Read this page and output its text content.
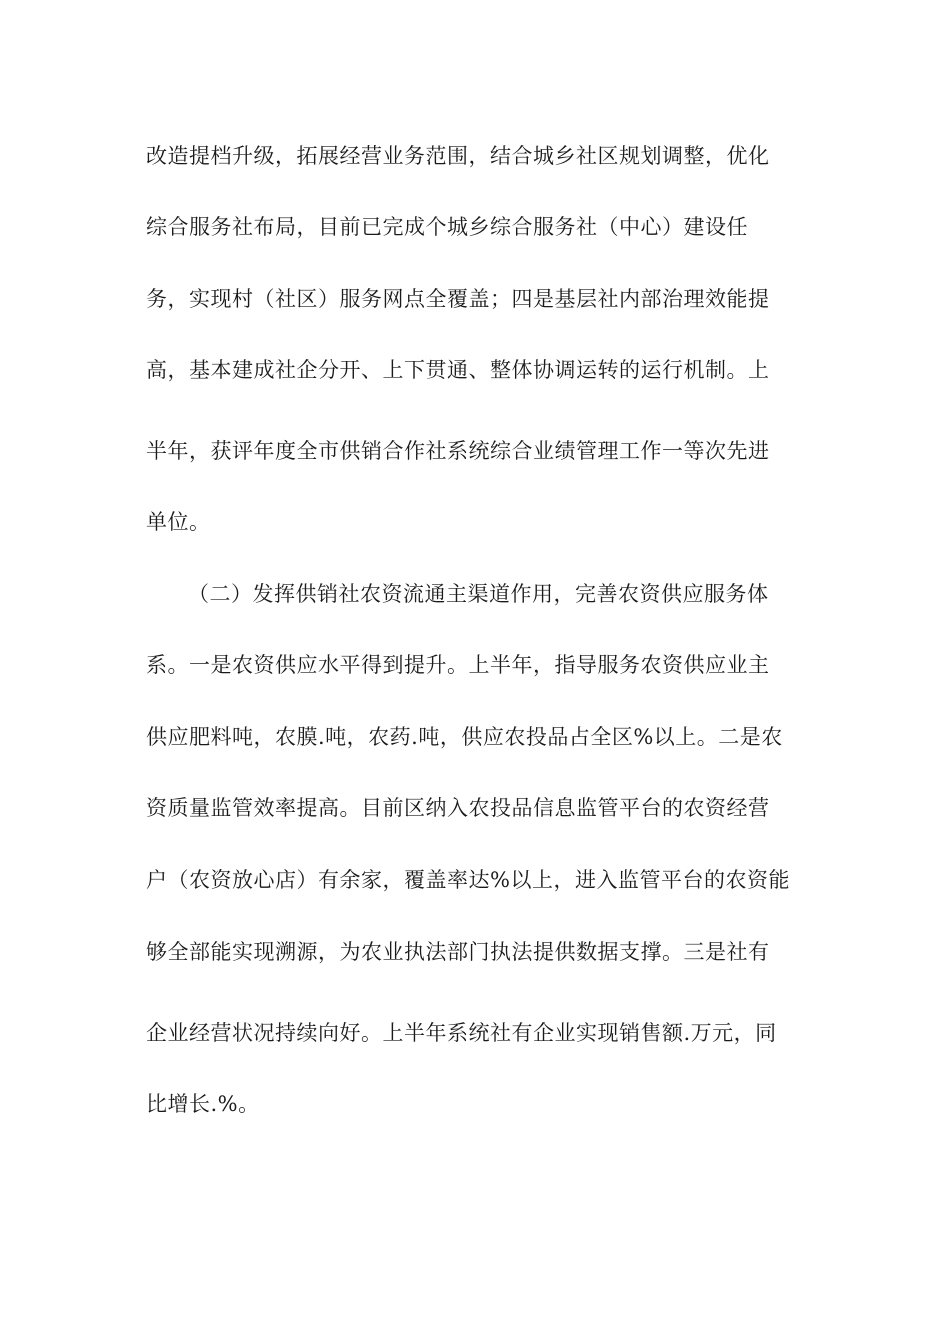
改造提档升级，拓展经营业务范围，结合城乡社区规划调整，优化
综合服务社布局，目前已完成个城乡综合服务社（中心）建设任
务，实现村（社区）服务网点全覆盖；四是基层社内部治理效能提
高，基本建成社企分开、上下贯通、整体协调运转的运行机制。上
半年，获评年度全市供销合作社系统综合业绩管理工作一等次先进
单位。
（二）发挥供销社农资流通主渠道作用，完善农资供应服务体
系。一是农资供应水平得到提升。上半年，指导服务农资供应业主
供应肥料吨，农膜.吨，农药.吨，供应农投品占全区%以上。二是农
资质量监管效率提高。目前区纳入农投品信息监管平台的农资经营
户（农资放心店）有余家，覆盖率达%以上，进入监管平台的农资能
够全部能实现溯源，为农业执法部门执法提供数据支撑。三是社有
企业经营状况持续向好。上半年系统社有企业实现销售额.万元，同
比增长.%。
